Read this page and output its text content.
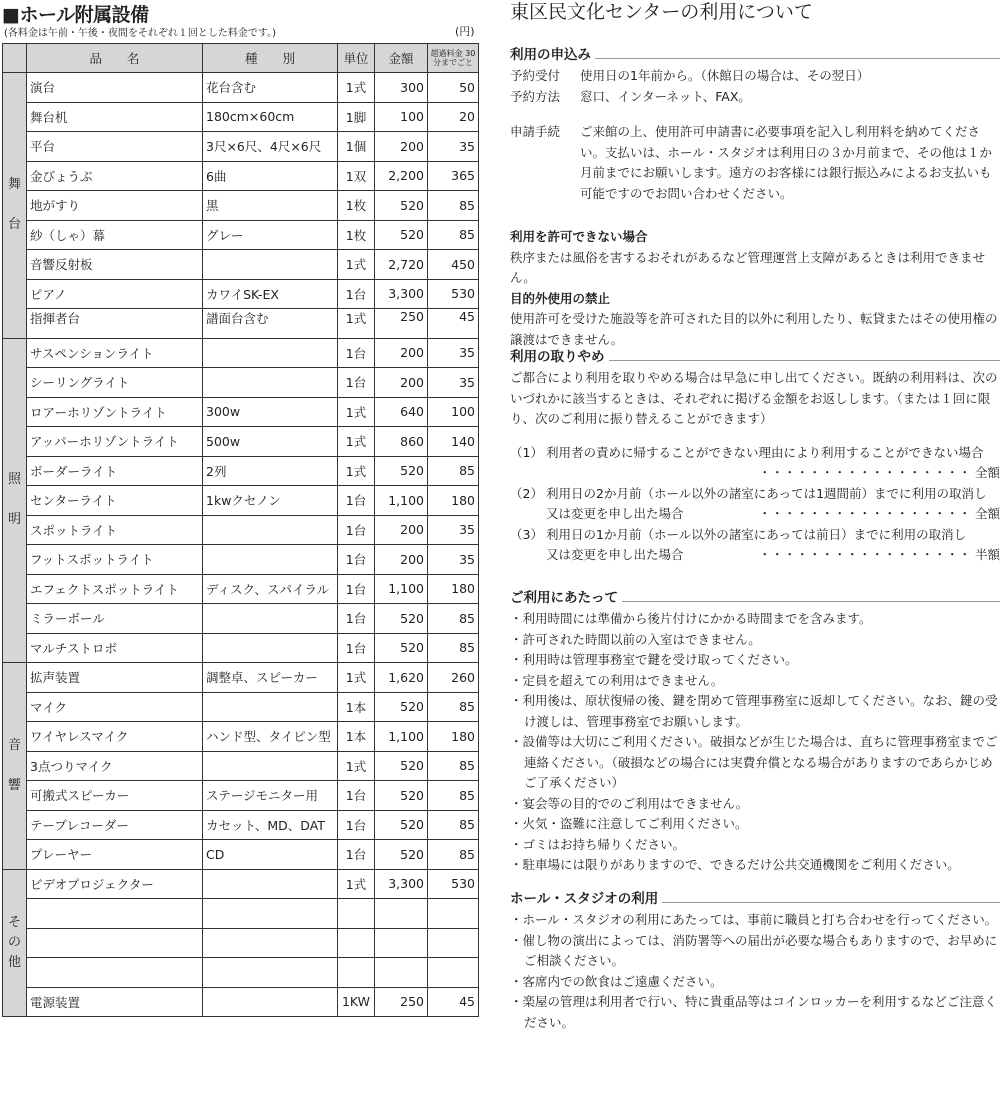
■ホール附属設備
(各料金は午前・午後・夜間をそれぞれ１回とした料金です。)	(円)
	品　　名	種　　別	単位	金額	超過料金 30分までごと
舞

台	演台	花台含む	1式	300	50
	舞台机	180cm×60cm	1脚	100	20
	平台	3尺×6尺、4尺×6尺	1個	200	35
	金びょうぶ	6曲	1双	2,200	365
	地がすり	黒	1枚	520	85
	紗（しゃ）幕	グレー	1枚	520	85
	音響反射板		1式	2,720	450
	ピアノ	カワイSK-EX	1台	3,300	530
	指揮者台	譜面台含む	1式	250	45
照

明	サスペンションライト		1台	200	35
	シーリングライト		1台	200	35
	ロアーホリゾントライト	300w	1式	640	100
	アッパーホリゾントライト	500w	1式	860	140
	ボーダーライト	2列	1式	520	85
	センターライト	1kwクセノン	1台	1,100	180
	スポットライト		1台	200	35
	フットスポットライト		1台	200	35
	エフェクトスポットライト	ディスク、スパイラル	1台	1,100	180
	ミラーボール		1台	520	85
	マルチストロボ		1台	520	85
音

響	拡声装置	調整卓、スピーカー	1式	1,620	260
	マイク		1本	520	85
	ワイヤレスマイク	ハンド型、タイピン型	1本	1,100	180
	3点つりマイク		1式	520	85
	可搬式スピーカー	ステージモニター用	1台	520	85
	テープレコーダー	カセット、MD、DAT	1台	520	85
	プレーヤー	CD	1台	520	85
そ
の
他	ビデオプロジェクター		1式	3,300	530

	電源装置		1KW	250	45
東区民文化センターの利用について
利用の申込み
予約受付	使用日の1年前から。（休館日の場合は、その翌日）
予約方法	窓口、インターネット、FAX。
申請手続	ご来館の上、使用許可申請書に必要事項を記入し利用料を納めてください。支払いは、ホール・スタジオは利用日の３か月前まで、その他は１か月前までにお願いします。遠方のお客様には銀行振込みによるお支払いも可能ですのでお問い合わせください。
利用を許可できない場合
秩序または風俗を害するおそれがあるなど管理運営上支障があるときは利用できません。
目的外使用の禁止
使用許可を受けた施設等を許可された目的以外に利用したり、転貸またはその使用権の譲渡はできません。
利用の取りやめ
ご都合により利用を取りやめる場合は早急に申し出てください。既納の利用料は、次のいづれかに該当するときは、それぞれに掲げる金額をお返しします。（または１回に限り、次のご利用に振り替えることができます）
（1） 利用者の責めに帰することができない理由により利用することができない場合
・・・・・・・・・・・・・・・・・ 全額
（2） 利用日の2か月前（ホール以外の諸室にあっては1週間前）までに利用の取消し
又は変更を申し出た場合	・・・・・・・・・・・・・・・・・ 全額
（3） 利用日の1か月前（ホール以外の諸室にあっては前日）までに利用の取消し
又は変更を申し出た場合	・・・・・・・・・・・・・・・・・ 半額
ご利用にあたって
・利用時間には準備から後片付けにかかる時間までを含みます。
・許可された時間以前の入室はできません。
・利用時は管理事務室で鍵を受け取ってください。
・定員を超えての利用はできません。
・利用後は、原状復帰の後、鍵を閉めて管理事務室に返却してください。なお、鍵の受け渡しは、管理事務室でお願いします。
・設備等は大切にご利用ください。破損などが生じた場合は、直ちに管理事務室までご連絡ください。（破損などの場合には実費弁償となる場合がありますのであらかじめご了承ください）
・宴会等の目的でのご利用はできません。
・火気・盗難に注意してご利用ください。
・ゴミはお持ち帰りください。
・駐車場には限りがありますので、できるだけ公共交通機関をご利用ください。
ホール・スタジオの利用
・ホール・スタジオの利用にあたっては、事前に職員と打ち合わせを行ってください。
・催し物の演出によっては、消防署等への届出が必要な場合もありますので、お早めにご相談ください。
・客席内での飲食はご遠慮ください。
・楽屋の管理は利用者で行い、特に貴重品等はコインロッカーを利用するなどご注意ください。
